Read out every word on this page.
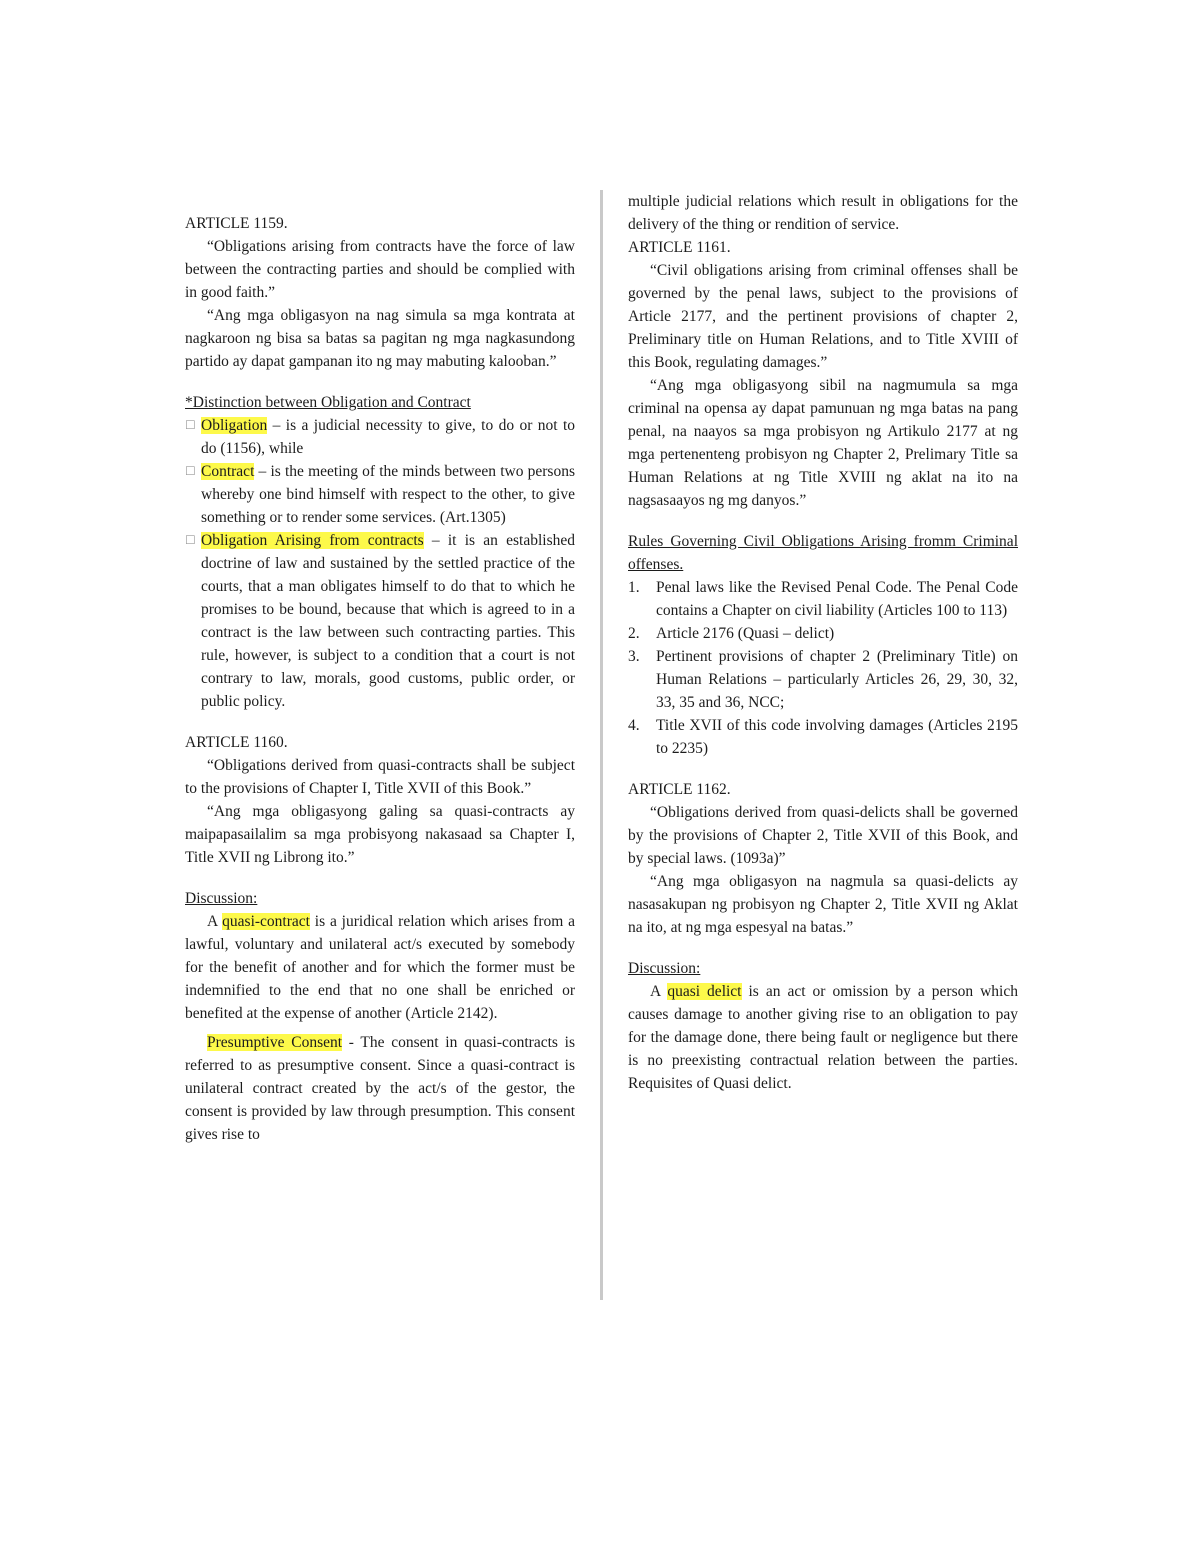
ARTICLE 1159.

“Obligations arising from contracts have the force of law between the contracting parties and should be complied with in good faith.”

“Ang mga obligasyon na nag simula sa mga kontrata at nagkaroon ng bisa sa batas sa pagitan ng mga nagkasundong partido ay dapat gampanan ito ng may mabuting kalooban.”

*Distinction between Obligation and Contract

☐ Obligation – is a judicial necessity to give, to do or not to do (1156), while
☐ Contract – is the meeting of the minds between two persons whereby one bind himself with respect to the other, to give something or to render some services. (Art.1305)
☐ Obligation Arising from contracts – it is an established doctrine of law and sustained by the settled practice of the courts, that a man obligates himself to do that to which he promises to be bound, because that which is agreed to in a contract is the law between such contracting parties. This rule, however, is subject to a condition that a court is not contrary to law, morals, good customs, public order, or public policy.

ARTICLE 1160.

“Obligations derived from quasi-contracts shall be subject to the provisions of Chapter I, Title XVII of this Book.”

“Ang mga obligasyong galing sa quasi-contracts ay maipapasailalim sa mga probisyong nakasaad sa Chapter I, Title XVII ng Librong ito.”

Discussion:

A quasi-contract is a juridical relation which arises from a lawful, voluntary and unilateral act/s executed by somebody for the benefit of another and for which the former must be indemnified to the end that no one shall be enriched or benefited at the expense of another (Article 2142).

Presumptive Consent - The consent in quasi-contracts is referred to as presumptive consent. Since a quasi-contract is unilateral contract created by the act/s of the gestor, the consent is provided by law through presumption. This consent gives rise to

multiple judicial relations which result in obligations for the delivery of the thing or rendition of service.

ARTICLE 1161.

“Civil obligations arising from criminal offenses shall be governed by the penal laws, subject to the provisions of Article 2177, and the pertinent provisions of chapter 2, Preliminary title on Human Relations, and to Title XVIII of this Book, regulating damages.”

“Ang mga obligasyong sibil na nagmumula sa mga criminal na opensa ay dapat pamunuan ng mga batas na pang penal, na naayos sa mga probisyon ng Artikulo 2177 at ng mga pertenenteng probisyon ng Chapter 2, Prelimary Title sa Human Relations at ng Title XVIII ng aklat na ito na nagsasaayos ng mg danyos.”

Rules Governing Civil Obligations Arising fromm Criminal offenses.

1.	Penal laws like the Revised Penal Code. The Penal Code contains a Chapter on civil liability (Articles 100 to 113)
2.	Article 2176 (Quasi – delict)
3.	Pertinent provisions of chapter 2 (Preliminary Title) on Human Relations – particularly Articles 26, 29, 30, 32, 33, 35 and 36, NCC;
4.	Title XVII of this code involving damages (Articles 2195 to 2235)

ARTICLE 1162.

“Obligations derived from quasi-delicts shall be governed by the provisions of Chapter 2, Title XVII of this Book, and by special laws. (1093a)”

“Ang mga obligasyon na nagmula sa quasi-delicts ay nasasakupan ng probisyon ng Chapter 2, Title XVII ng Aklat na ito, at ng mga espesyal na batas.”

Discussion:

A quasi delict is an act or omission by a person which causes damage to another giving rise to an obligation to pay for the damage done, there being fault or negligence but there is no preexisting contractual relation between the parties. Requisites of Quasi delict.
